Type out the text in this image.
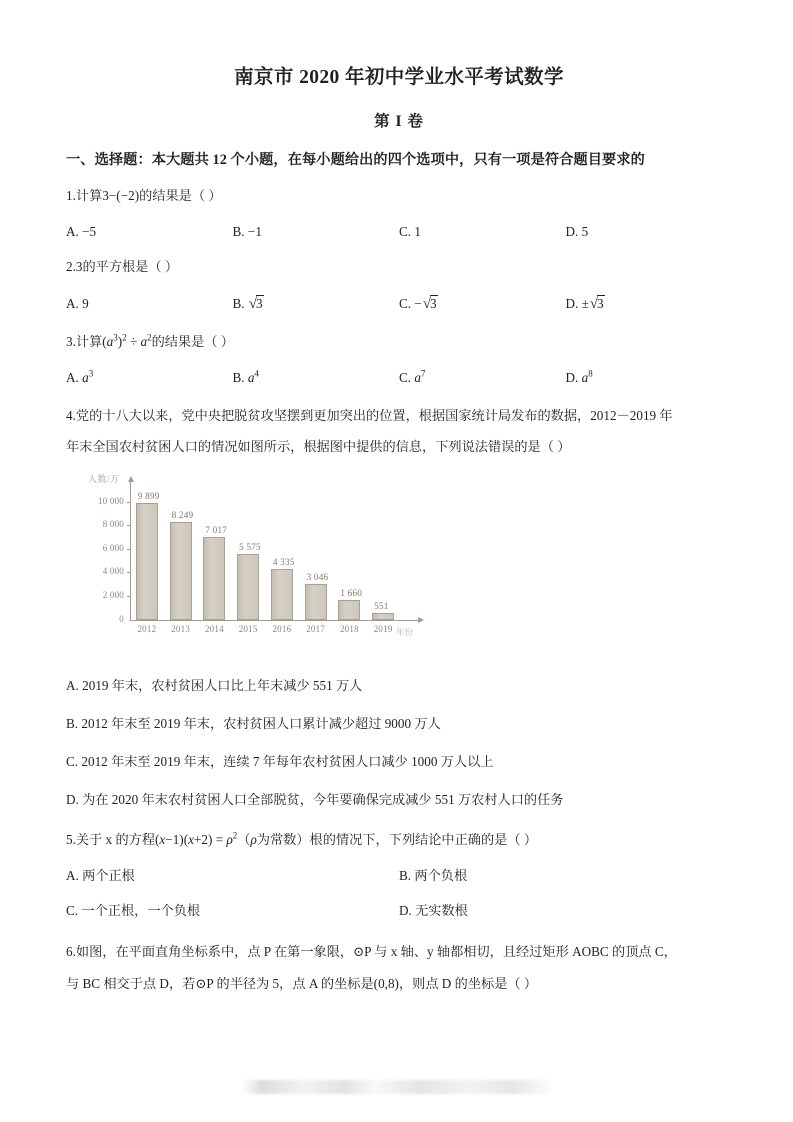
南京市 2020 年初中学业水平考试数学
第 I 卷

一、选择题：本大题共 12 个小题，在每小题给出的四个选项中，只有一项是符合题目要求的

1.计算3−(−2)的结果是（ ）

A. −5	B. −1	C. 1	D. 5

2.3的平方根是（ ）

A. 9	B. √3	C. −√3	D. ±√3

3.计算$(a^3)^2 \div a^2$的结果是（ ）

A. $a^3$	B. $a^4$	C. $a^7$	D. $a^8$

4.党的十八大以来，党中央把脱贫攻坚摆到更加突出的位置，根据国家统计局发布的数据，2012－2019 年

年末全国农村贫困人口的情况如图所示，根据图中提供的信息，下列说法错误的是（ ）

人数/万
年份
0
2 000
4 000
6 000
8 000
10 000 9 899
2012
8 249
2013
7 017
2014
5 575
2015
4 335
2016
3 046
2017
1 660
2018
551
2019
A. 2019 年末，农村贫困人口比上年末减少 551 万人
B. 2012 年末至 2019 年末，农村贫困人口累计减少超过 9000 万人
C. 2012 年末至 2019 年末，连续 7 年每年农村贫困人口减少 1000 万人以上
D. 为在 2020 年末农村贫困人口全部脱贫，今年要确保完成减少 551 万农村人口的任务

5.关于 x 的方程$(x-1)(x+2) = \rho^2(\rho$为常数）根的情况下，下列结论中正确的是（ ）

A. 两个正根	B. 两个负根
C. 一个正根，一个负根	D. 无实数根

6.如图，在平面直角坐标系中，点 P 在第一象限，⊙P 与 x 轴、y 轴都相切，且经过矩形 AOBC 的顶点 C，

与 BC 相交于点 D，若⊙P 的半径为 5，点 A 的坐标是(0,8)，则点 D 的坐标是（ ）
